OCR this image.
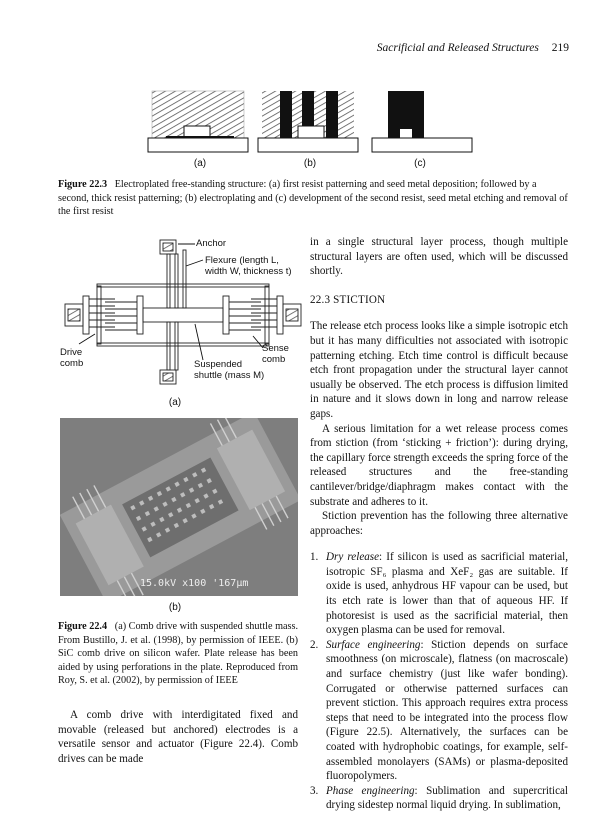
Sacrificial and Released Structures 219
(a)	(b)	(c)
Figure 22.3 Electroplated free-standing structure: (a) first resist patterning and seed metal deposition; followed by a second, thick resist patterning; (b) electroplating and (c) development of the second resist, seed metal etching and removal of the first resist
Anchor
Flexure (length L,
width W, thickness t)
Sense
comb
Drive
comb	Suspended
shuttle (mass M)
(a)
15.0kV x100 '167µm
(b)
Figure 22.4 (a) Comb drive with suspended shuttle mass. From Bustillo, J. et al. (1998), by permission of IEEE. (b) SiC comb drive on silicon wafer. Plate release has been aided by using perforations in the plate. Reproduced from Roy, S. et al. (2002), by permission of IEEE

A comb drive with interdigitated fixed and movable (released but anchored) electrodes is a versatile sensor and actuator (Figure 22.4). Comb drives can be made

in a single structural layer process, though multiple structural layers are often used, which will be discussed shortly.

22.3 STICTION

The release etch process looks like a simple isotropic etch but it has many difficulties not associated with isotropic patterning etching. Etch time control is difficult because etch front propagation under the structural layer cannot usually be observed. The etch process is diffusion limited in nature and it slows down in long and narrow release gaps.

A serious limitation for a wet release process comes from stiction (from ‘sticking + friction’): during drying, the capillary force strength exceeds the spring force of the released structures and the free-standing cantilever/bridge/diaphragm makes contact with the substrate and adheres to it.

Stiction prevention has the following three alternative approaches:

1. Dry release: If silicon is used as sacrificial material, isotropic SF₆ plasma and XeF₂ gas are suitable. If oxide is used, anhydrous HF vapour can be used, but its etch rate is lower than that of aqueous HF. If photoresist is used as the sacrificial material, then oxygen plasma can be used for removal.

2. Surface engineering: Stiction depends on surface smoothness (on microscale), flatness (on macroscale) and surface chemistry (just like wafer bonding). Corrugated or otherwise patterned surfaces can prevent stiction. This approach requires extra process steps that need to be integrated into the process flow (Figure 22.5). Alternatively, the surfaces can be coated with hydrophobic coatings, for example, self-assembled monolayers (SAMs) or plasma-deposited fluoropolymers.

3. Phase engineering: Sublimation and supercritical drying sidestep normal liquid drying. In sublimation,
